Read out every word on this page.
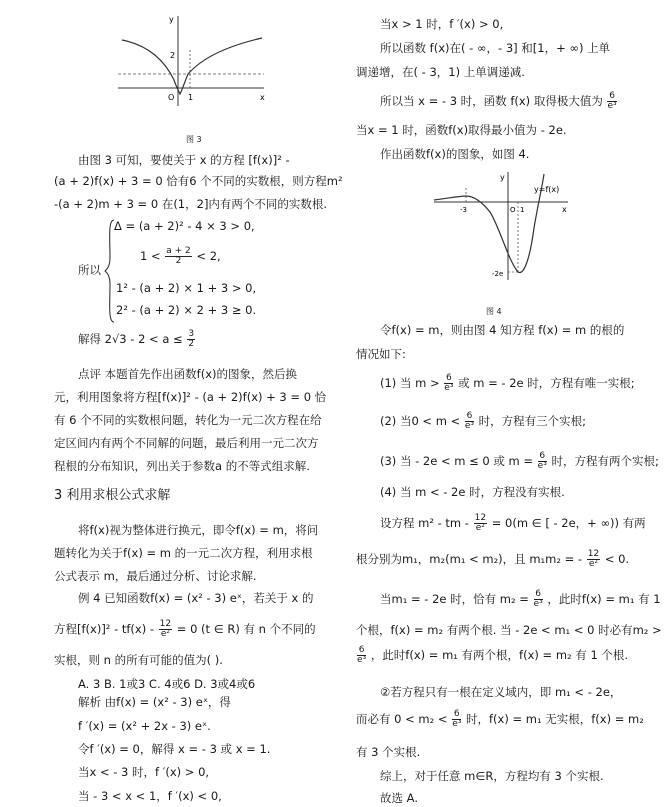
y
x
O 1
2
图 3
由图 3 可知，要使关于 x 的方程 [f(x)]² -
(a + 2)f(x) + 3 = 0 恰有6 个不同的实数根，则方程m²
-(a + 2)m + 3 = 0 在(1，2]内有两个不同的实数根.
Δ = (a + 2)² - 4 × 3 > 0,
$1 < \frac{a + 2}{2} < 2$,
所以
1² - (a + 2) × 1 + 3 > 0,
2² - (a + 2) × 2 + 3 ≥ 0.
解得 $2√3 - 2 < a \le \frac{3}{2}$
点评 本题首先作出函数f(x)的图象，然后换
元，利用图象将方程[f(x)]² - (a + 2)f(x) + 3 = 0 恰
有 6 个不同的实数根问题，转化为一元二次方程在给
定区间内有两个不同解的问题，最后利用一元二次方
程根的分布知识，列出关于参数a 的不等式组求解.
3 利用求根公式求解
将f(x)视为整体进行换元，即令f(x) = m，将问
题转化为关于f(x) = m 的一元二次方程，利用求根
公式表示 m，最后通过分析、讨论求解.
例 4 已知函数f(x) = (x² - 3) eˣ，若关于 x 的
方程$[f(x)]^2 - tf(x) - \frac{12}{\text{e²}} = 0$ (t ∈ R) 有 n 个不同的
实根，则 n 的所有可能的值为( ).
A. 3 B. 1或3 C. 4或6 D. 3或4或6
解析 由f(x) = (x² - 3) eˣ，得
f ′(x) = (x² + 2x - 3) eˣ.
令f ′(x) = 0，解得 x = - 3 或 x = 1.
当x < - 3 时，f ′(x) > 0,
当 - 3 < x < 1，f ′(x) < 0,
当x > 1 时，f ′(x) > 0,
所以函数 f(x)在( - ∞，- 3] 和[1，+ ∞) 上单
调递增，在( - 3，1) 上单调递减.
所以当 x = - 3 时，函数 f(x) 取得极大值为 $\frac{6}{\text{e³}}$
当x = 1 时，函数f(x)取得最小值为 - 2e.
作出函数f(x)的图象，如图 4.
y
x
y=f(x)
O
-3	1
-2e
图 4
令f(x) = m，则由图 4 知方程 f(x) = m 的根的
情况如下:
(1) 当 $m > \frac{6}{\text{e³}}$ 或 m = - 2e 时，方程有唯一实根;
(2) 当$0 < m < \frac{6}{\text{e³}}$ 时，方程有三个实根;
(3) 当 - 2e < m ≤ 0 或 $m = \frac{6}{\text{e³}}$ 时，方程有两个实根;
(4) 当 m < - 2e 时，方程没有实根.
设方程 m² - tm - $\frac{12}{\text{e²}} = 0(m$ ∈ [ - 2e，+ ∞)) 有两
根分别为m₁，m₂(m₁ < m₂)，且 m₁m₂ = - $\frac{12}{\text{e²}} < 0$.
当m₁ = - 2e 时，恰有 $m_2 = \frac{6}{\text{e³}}$ ，此时f(x) = m₁ 有 1
个根，f(x) = m₂ 有两个根. 当 - 2e < m₁ < 0 时必有m₂ >
$\frac{6}{\text{e³}}$ ，此时f(x) = m₁ 有两个根，f(x) = m₂ 有 1 个根.
②若方程只有一根在定义域内，即 m₁ < - 2e，
而必有 $0 < m_2 < \frac{6}{\text{e³}}$ 时，f(x) = m₁ 无实根，f(x) = m₂
有 3 个实根.
综上，对于任意 m∈R，方程均有 3 个实根.
故选 A.
